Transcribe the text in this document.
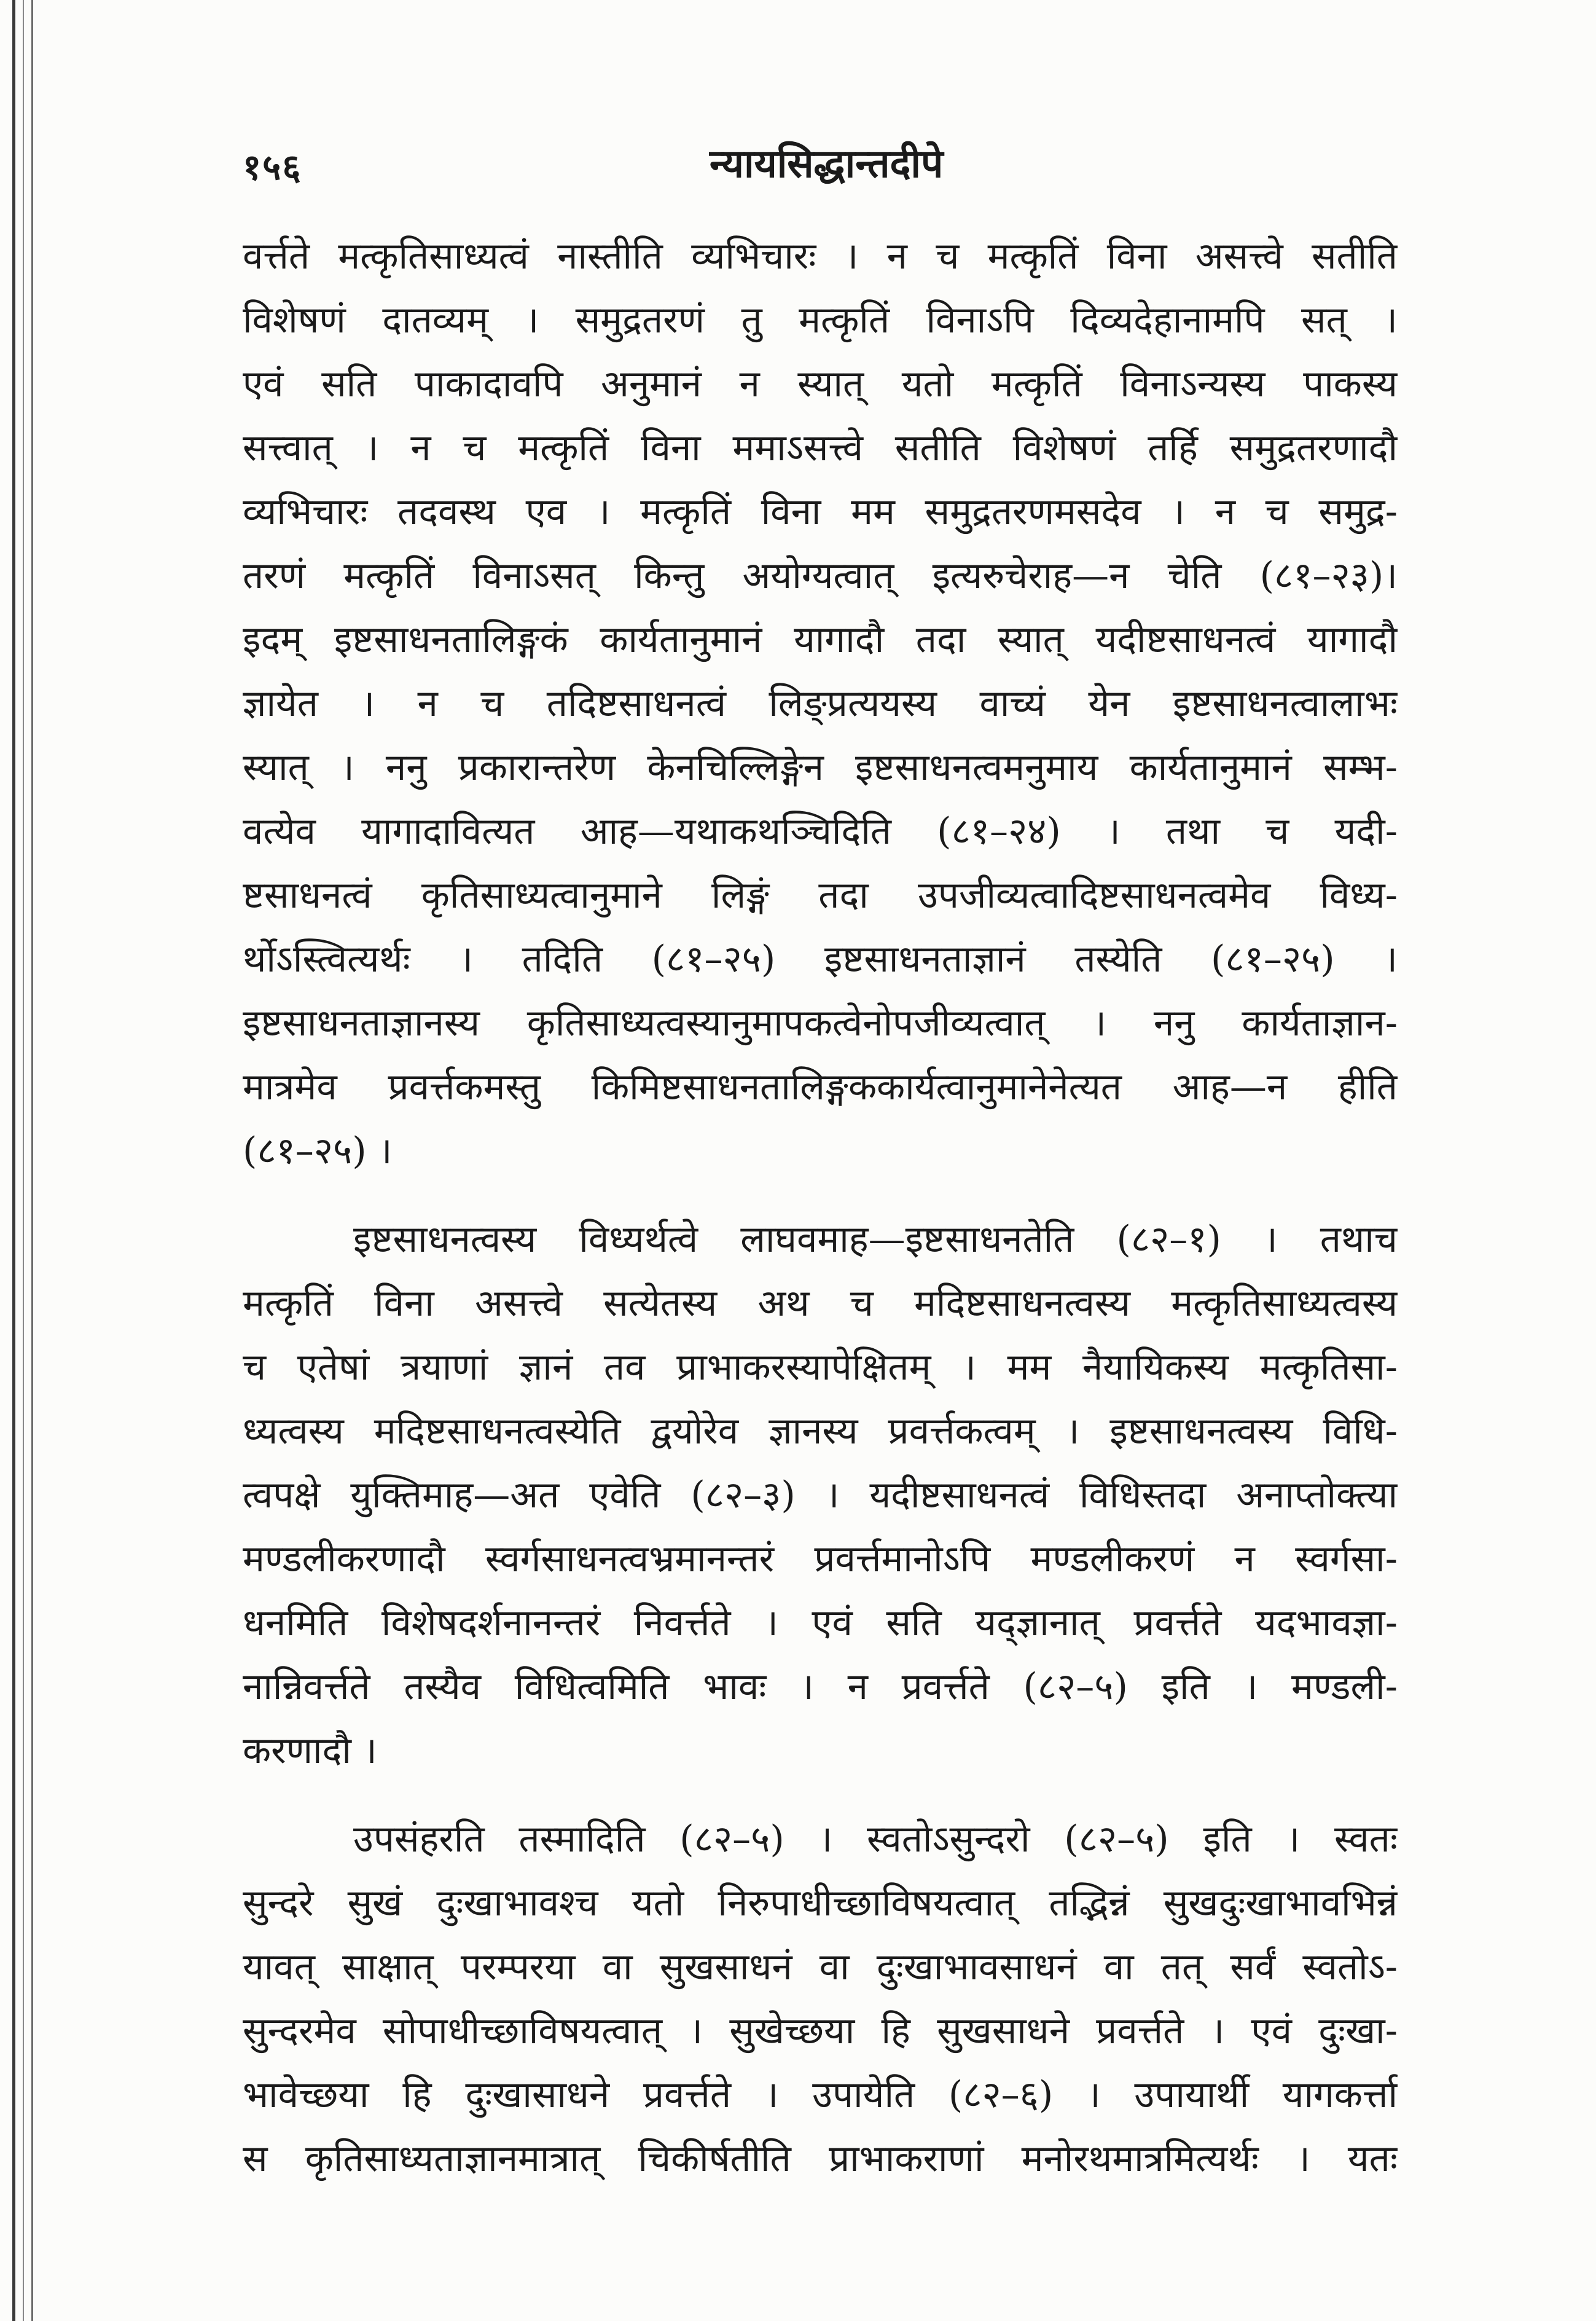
१५६	न्यायसिद्धान्तदीपे
वर्त्तते मत्कृतिसाध्यत्वं नास्तीति व्यभिचारः । न च मत्कृतिं विना असत्त्वे सतीति
विशेषणं दातव्यम् । समुद्रतरणं तु मत्कृतिं विनाऽपि दिव्यदेहानामपि सत् ।
एवं सति पाकादावपि अनुमानं न स्यात् यतो मत्कृतिं विनाऽन्यस्य पाकस्य
सत्त्वात् । न च मत्कृतिं विना ममाऽसत्त्वे सतीति विशेषणं तर्हि समुद्रतरणादौ
व्यभिचारः तदवस्थ एव । मत्कृतिं विना मम समुद्रतरणमसदेव । न च समुद्र-
तरणं मत्कृतिं विनाऽसत् किन्तु अयोग्यत्वात् इत्यरुचेराह—न चेति (८१–२३)।
इदम् इष्टसाधनतालिङ्गकं कार्यतानुमानं यागादौ तदा स्यात् यदीष्टसाधनत्वं यागादौ
ज्ञायेत । न च तदिष्टसाधनत्वं लिङ्प्रत्ययस्य वाच्यं येन इष्टसाधनत्वालाभः
स्यात् । ननु प्रकारान्तरेण केनचिल्लिङ्गेन इष्टसाधनत्वमनुमाय कार्यतानुमानं सम्भ-
वत्येव यागादावित्यत आह—यथाकथञ्चिदिति (८१–२४) । तथा च यदी-
ष्टसाधनत्वं कृतिसाध्यत्वानुमाने लिङ्गं तदा उपजीव्यत्वादिष्टसाधनत्वमेव विध्य-
र्थोऽस्त्वित्यर्थः । तदिति (८१–२५) इष्टसाधनताज्ञानं तस्येति (८१–२५) ।
इष्टसाधनताज्ञानस्य कृतिसाध्यत्वस्यानुमापकत्वेनोपजीव्यत्वात् । ननु कार्यताज्ञान-
मात्रमेव प्रवर्त्तकमस्तु किमिष्टसाधनतालिङ्गककार्यत्वानुमानेनेत्यत आह—न हीति
(८१–२५) ।
इष्टसाधनत्वस्य विध्यर्थत्वे लाघवमाह—इष्टसाधनतेति (८२–१) । तथाच
मत्कृतिं विना असत्त्वे सत्येतस्य अथ च मदिष्टसाधनत्वस्य मत्कृतिसाध्यत्वस्य
च एतेषां त्रयाणां ज्ञानं तव प्राभाकरस्यापेक्षितम् । मम नैयायिकस्य मत्कृतिसा-
ध्यत्वस्य मदिष्टसाधनत्वस्येति द्वयोरेव ज्ञानस्य प्रवर्त्तकत्वम् । इष्टसाधनत्वस्य विधि-
त्वपक्षे युक्तिमाह—अत एवेति (८२–३) । यदीष्टसाधनत्वं विधिस्तदा अनाप्तोक्त्या
मण्डलीकरणादौ स्वर्गसाधनत्वभ्रमानन्तरं प्रवर्त्तमानोऽपि मण्डलीकरणं न स्वर्गसा-
धनमिति विशेषदर्शनानन्तरं निवर्त्तते । एवं सति यद्ज्ञानात् प्रवर्त्तते यदभावज्ञा-
नान्निवर्त्तते तस्यैव विधित्वमिति भावः । न प्रवर्त्तते (८२–५) इति । मण्डली-
करणादौ ।
उपसंहरति तस्मादिति (८२–५) । स्वतोऽसुन्दरो (८२–५) इति । स्वतः
सुन्दरे सुखं दुःखाभावश्च यतो निरुपाधीच्छाविषयत्वात् तद्भिन्नं सुखदुःखाभावभिन्नं
यावत् साक्षात् परम्परया वा सुखसाधनं वा दुःखाभावसाधनं वा तत् सर्वं स्वतोऽ-
सुन्दरमेव सोपाधीच्छाविषयत्वात् । सुखेच्छया हि सुखसाधने प्रवर्त्तते । एवं दुःखा-
भावेच्छया हि दुःखासाधने प्रवर्त्तते । उपायेति (८२–६) । उपायार्थी यागकर्त्ता
स कृतिसाध्यताज्ञानमात्रात् चिकीर्षतीति प्राभाकराणां मनोरथमात्रमित्यर्थः । यतः
